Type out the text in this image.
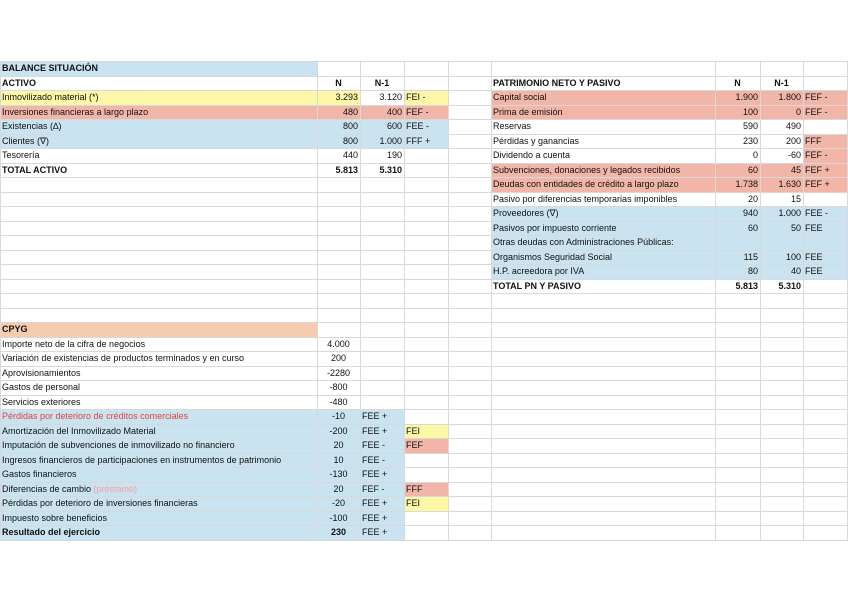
BALANCE SITUACIÓN
ACTIVO	N	N-1
Inmovilizado material (*)	3.293	3.120 FEI -
Inversiones financieras a largo plazo	480	400 FEF -
Existencias (∆)	800	600 FEE -
Clientes (∇)	800	1.000 FFF +
Tesorería	440	190
TOTAL ACTIVO	5.813	5.310
PATRIMONIO NETO Y PASIVO	N	N-1
Capital social	1.900	1.800 FEF -
Prima de emisión	100	0 FEF -
Reservas	590	490
Pérdidas y ganancias	230	200 FFF
Dividendo a cuenta	0	-60 FEF -
Subvenciones, donaciones y legados recibidos	60	45 FEF +
Deudas con entidades de crédito a largo plazo	1.738	1.630 FEF +
Pasivo por diferencias temporarias imponibles	20	15
Proveedores (∇)	940	1.000 FEE -
Pasivos por impuesto corriente	60	50 FEE
Otras deudas con Administraciones Públicas:
Organismos Seguridad Social	115	100 FEE
H.P. acreedora por IVA	80	40 FEE
TOTAL PN Y PASIVO	5.813	5.310
CPYG
Importe neto de la cifra de negocios	4.000
Variación de existencias de productos terminados y en curso	200
Aprovisionamientos	-2280
Gastos de personal	-800
Servicios exteriores	-480
Pérdidas por deterioro de créditos comerciales	-10	FEE +
Amortización del Inmovilizado Material	-200	FEE +	FEI
Imputación de subvenciones de inmovilizado no financiero	20	FEE -	FEF
Ingresos financieros de participaciones en instrumentos de patrimonio	10	FEE -
Gastos financieros	-130	FEE +
Diferencias de cambio (préstamo)	20	FEF -	FFF
Pérdidas por deterioro de inversiones financieras	-20	FEE +	FEI
Impuesto sobre beneficios	-100	FEE +
Resultado del ejercicio	230	FEE +
